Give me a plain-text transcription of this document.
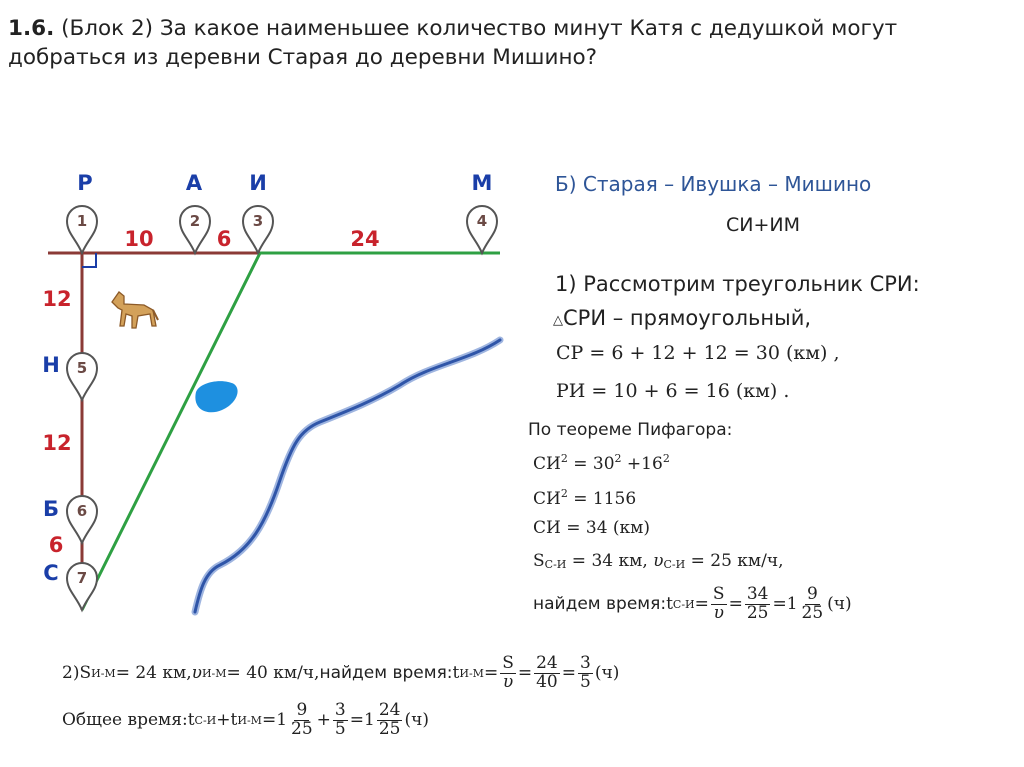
1.6. (Блок 2) За какое наименьшее количество минут Катя с дедушкой могут добраться из деревни Старая до деревни Мишино?
Р	А И	М
Н
Б
С
10	6	24
12
12
6
1	2	3	4
5
6
7
Б) Старая – Ивушка – Мишино
СИ+ИМ
1) Рассмотрим треугольник СРИ:
△СРИ – прямоугольный,
СР = 6 + 12 + 12 = 30 (км) ,
РИ = 10 + 6 = 16 (км) .
По теореме Пифагора:
$СИ^2 = 30^2 +16^2$
$СИ^2 = 1156$
СИ = 34 (км)
$S_{С-И} = 34$ км, $\upsilon_{С-И} = 25$ км/ч,
найдем время: t $С-И = \frac{S}{\upsilon} = \frac{34}{25} = 1 \frac{9}{25} (ч)$
2) S И-М = 24 км, υ И-М = 40 км/ч, найдем время: t $И-М = \frac{S}{\upsilon} = \frac{24}{40} = \frac{3}{5} (ч)$
Общее время: t С-И + t $И-М = 1 \frac{9}{25} + \frac{3}{5} = 1 \frac{24}{25} (ч)$
